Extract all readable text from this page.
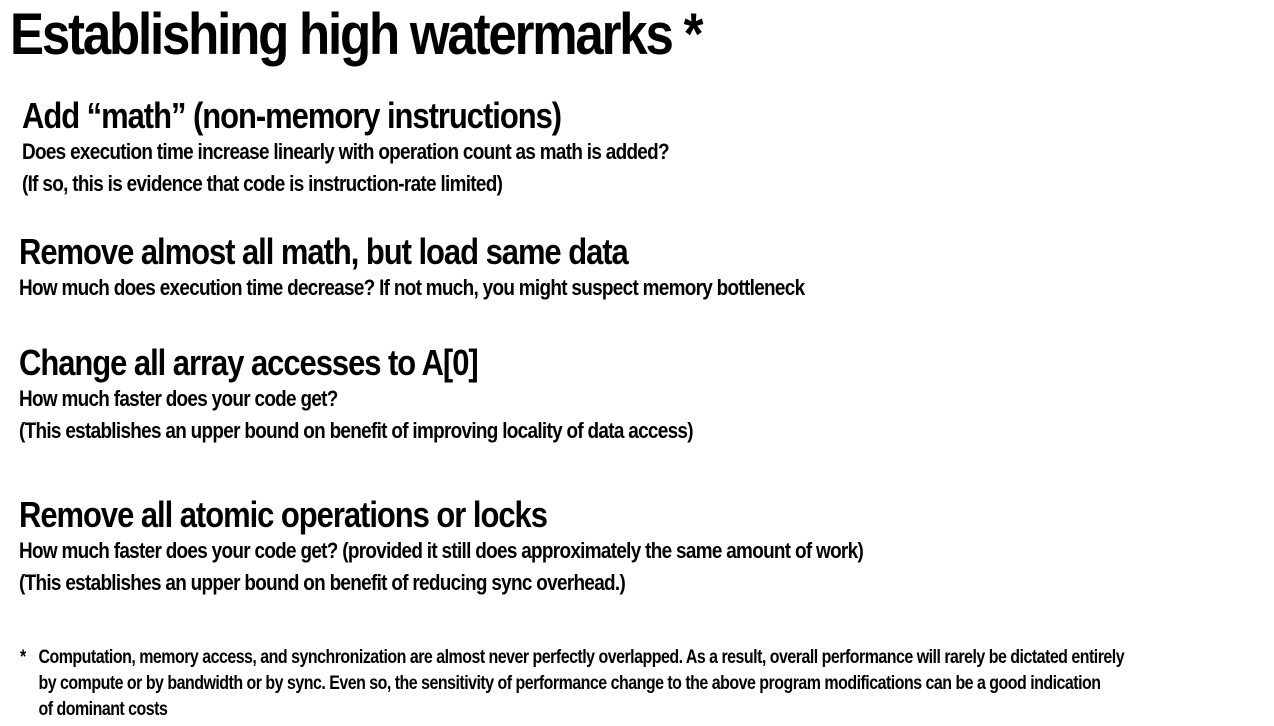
Establishing high watermarks *
Add “math” (non-memory instructions)

Does execution time increase linearly with operation count as math is added?

(If so, this is evidence that code is instruction-rate limited)

Remove almost all math, but load same data

How much does execution time decrease? If not much, you might suspect memory bottleneck

Change all array accesses to A[0]

How much faster does your code get?

(This establishes an upper bound on benefit of improving locality of data access)

Remove all atomic operations or locks

How much faster does your code get? (provided it still does approximately the same amount of work)

(This establishes an upper bound on benefit of reducing sync overhead.)

* Computation, memory access, and synchronization are almost never perfectly overlapped. As a result, overall performance will rarely be dictated entirely
by compute or by bandwidth or by sync. Even so, the sensitivity of performance change to the above program modifications can be a good indication
of dominant costs
